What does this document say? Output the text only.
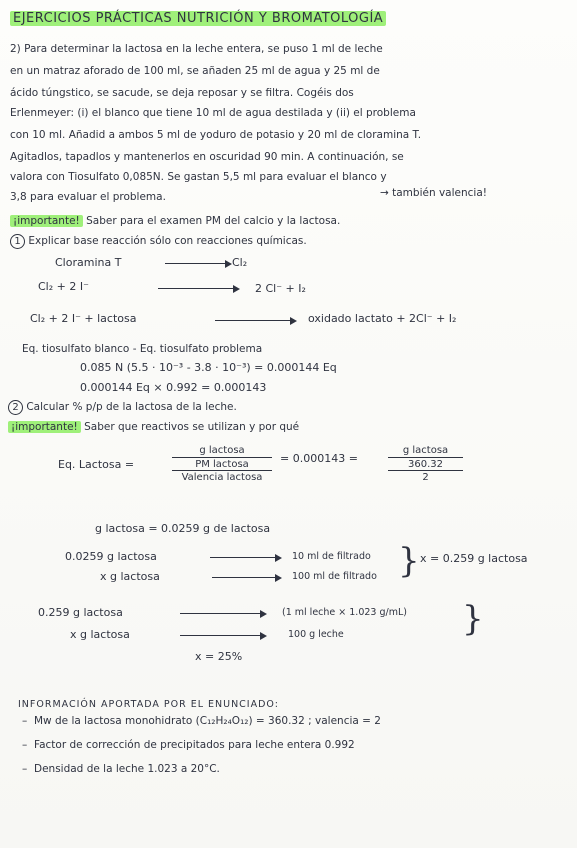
EJERCICIOS PRÁCTICAS NUTRICIÓN Y BROMATOLOGÍA
2) Para determinar la lactosa en la leche entera, se puso 1 ml de leche
en un matraz aforado de 100 ml, se añaden 25 ml de agua y 25 ml de
ácido túngstico, se sacude, se deja reposar y se filtra. Cogéis dos
Erlenmeyer: (i) el blanco que tiene 10 ml de agua destilada y (ii) el problema
con 10 ml. Añadid a ambos 5 ml de yoduro de potasio y 20 ml de cloramina T.
Agitadlos, tapadlos y mantenerlos en oscuridad 90 min. A continuación, se
valora con Tiosulfato 0,085N. Se gastan 5,5 ml para evaluar el blanco y
3,8 para evaluar el problema.	→ también valencia!
¡importante! Saber para el examen PM del calcio y la lactosa.
1 Explicar base reacción sólo con reacciones químicas.
Cloramina T	Cl₂
Cl₂ + 2 I⁻	2 Cl⁻ + I₂
Cl₂ + 2 I⁻ + lactosa	oxidado lactato + 2Cl⁻ + I₂
Eq. tiosulfato blanco - Eq. tiosulfato problema
0.085 N (5.5 · 10⁻³ - 3.8 · 10⁻³) = 0.000144 Eq
0.000144 Eq × 0.992 = 0.000143
2 Calcular % p/p de la lactosa de la leche.
¡importante! Saber que reactivos se utilizan y por qué
Eq. Lactosa =
g lactosa
PM lactosa
Valencia lactosa
= 0.000143 =
g lactosa
360.32
2
g lactosa = 0.0259 g de lactosa
0.0259 g lactosa	10 ml de filtrado
x g lactosa	100 ml de filtrado } x = 0.259 g lactosa
0.259 g lactosa	(1 ml leche × 1.023 g/mL)
x g lactosa	100 g leche	}
x = 25%
INFORMACIÓN APORTADA POR EL ENUNCIADO:
– Mw de la lactosa monohidrato (C₁₂H₂₄O₁₂) = 360.32 ; valencia = 2
– Factor de corrección de precipitados para leche entera 0.992
– Densidad de la leche 1.023 a 20°C.
